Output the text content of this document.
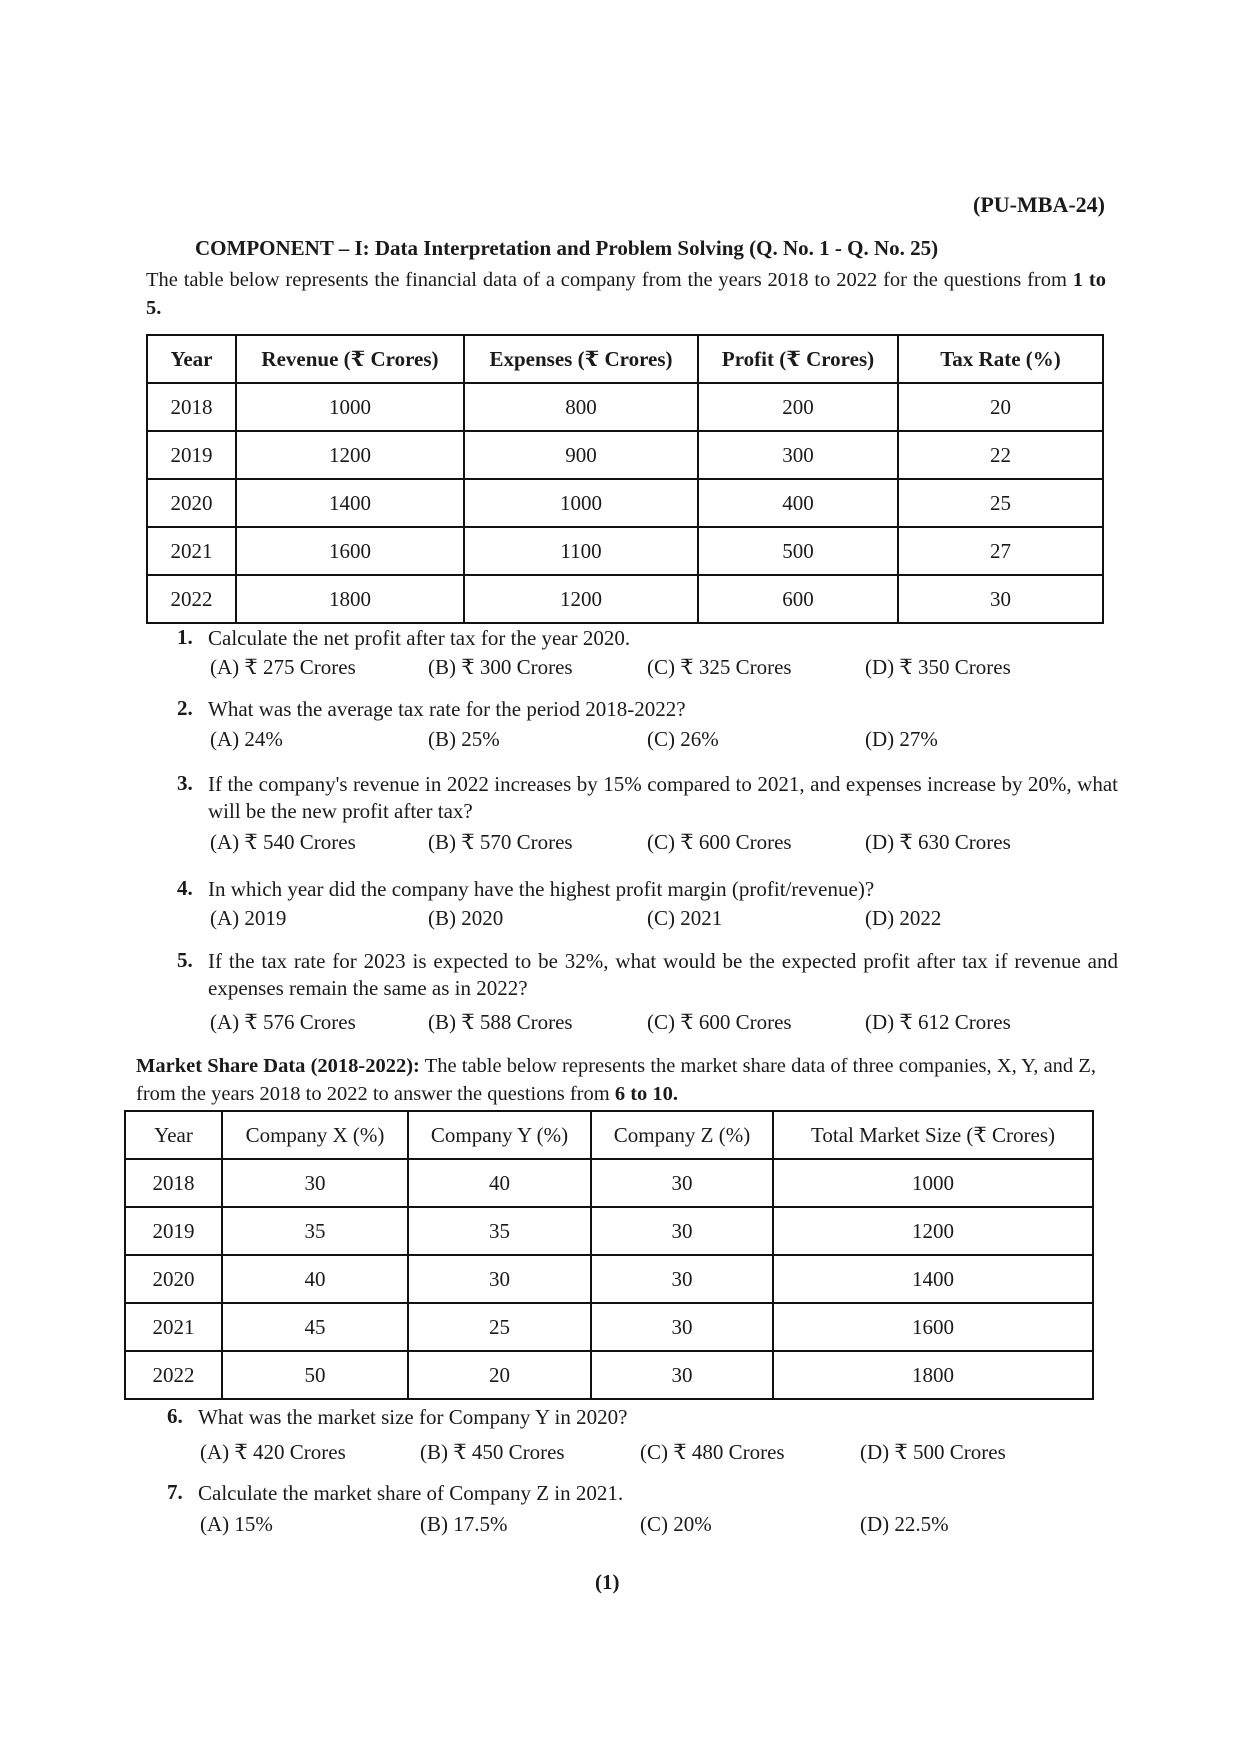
(PU-MBA-24)
COMPONENT – I: Data Interpretation and Problem Solving (Q. No. 1 - Q. No. 25)
The table below represents the financial data of a company from the years 2018 to 2022 for the questions from 1 to 5.
Year	Revenue (₹ Crores)	Expenses (₹ Crores)	Profit (₹ Crores)	Tax Rate (%)
2018	1000	800	200	20
2019	1200	900	300	22
2020	1400	1000	400	25
2021	1600	1100	500	27
2022	1800	1200	600	30
1. Calculate the net profit after tax for the year 2020.
(A) ₹ 275 Crores	(B) ₹ 300 Crores	(C) ₹ 325 Crores	(D) ₹ 350 Crores
2. What was the average tax rate for the period 2018-2022?
(A) 24%	(B) 25%	(C) 26%	(D) 27%
3. If the company's revenue in 2022 increases by 15% compared to 2021, and expenses increase by 20%, what will be the new profit after tax?
(A) ₹ 540 Crores	(B) ₹ 570 Crores	(C) ₹ 600 Crores	(D) ₹ 630 Crores
4. In which year did the company have the highest profit margin (profit/revenue)?
(A) 2019	(B) 2020	(C) 2021	(D) 2022
5. If the tax rate for 2023 is expected to be 32%, what would be the expected profit after tax if revenue and expenses remain the same as in 2022?
(A) ₹ 576 Crores	(B) ₹ 588 Crores	(C) ₹ 600 Crores	(D) ₹ 612 Crores
Market Share Data (2018-2022): The table below represents the market share data of three companies, X, Y, and Z, from the years 2018 to 2022 to answer the questions from 6 to 10.
Year	Company X (%)	Company Y (%)	Company Z (%)	Total Market Size (₹ Crores)
2018	30	40	30	1000
2019	35	35	30	1200
2020	40	30	30	1400
2021	45	25	30	1600
2022	50	20	30	1800
6. What was the market size for Company Y in 2020?
(A) ₹ 420 Crores	(B) ₹ 450 Crores	(C) ₹ 480 Crores	(D) ₹ 500 Crores
7. Calculate the market share of Company Z in 2021.
(A) 15%	(B) 17.5%	(C) 20%	(D) 22.5%
(1)
